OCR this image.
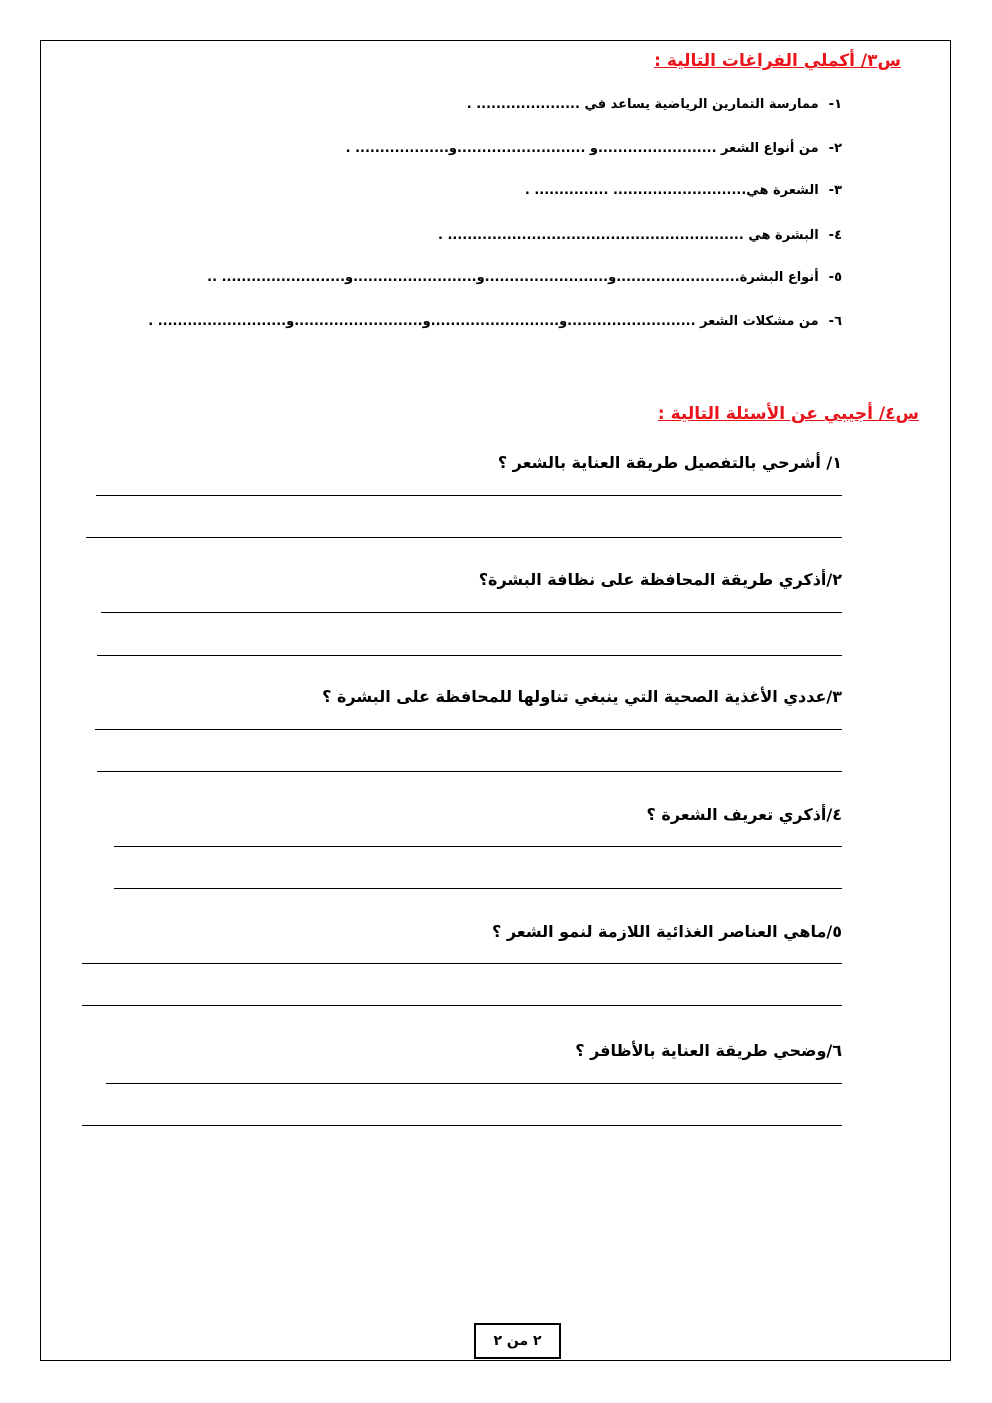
س٣/ أكملي الفراغات التالية :
١-ممارسة التمارين الرياضية يساعد في ..................... .
٢-من أنواع الشعر ........................و ..........................و................... .
٣-الشعرة هي........................... ............... .
٤-البشرة هي ............................................................ .
٥-أنواع البشرة.........................و.........................و.........................و......................... ..
٦-من مشكلات الشعر ..........................و..........................و..........................و.......................... .
س٤/ أجيبي عن الأسئلة التالية :
١/ أشرحي بالتفصيل طريقة العناية بالشعر ؟
٢/أذكري طريقة المحافظة على نظافة البشرة؟
٣/عددي الأغذية الصحية التي ينبغي تناولها للمحافظة على البشرة ؟
٤/أذكري تعريف الشعرة ؟
٥/ماهي العناصر الغذائية اللازمة لنمو الشعر ؟
٦/وضحي طريقة العناية بالأظافر ؟
٢ من ٢
